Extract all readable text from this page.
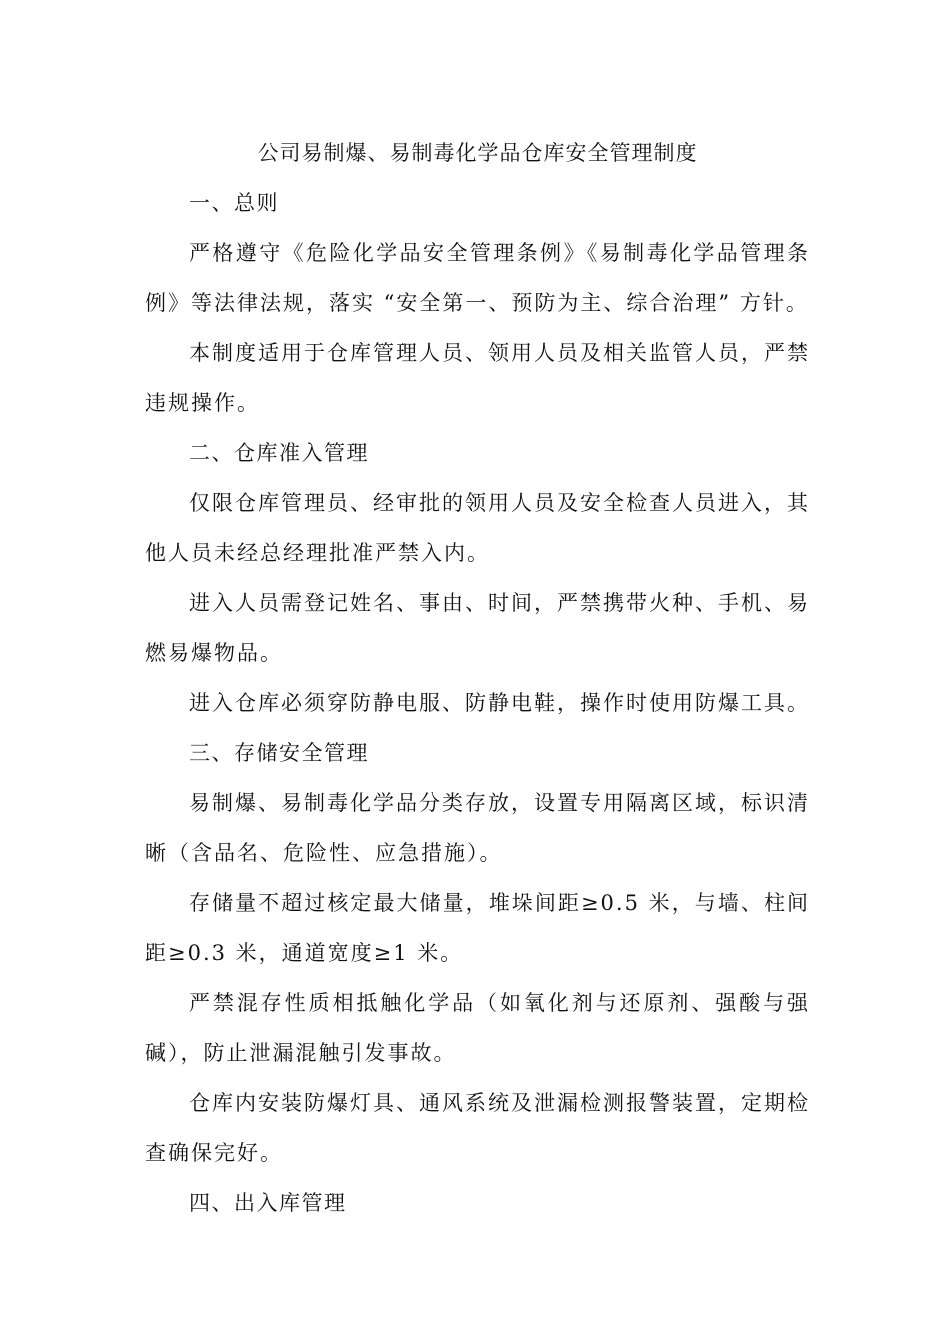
公司易制爆、易制毒化学品仓库安全管理制度
一、总则

严格遵守《危险化学品安全管理条例》《易制毒化学品管理条例》等法律法规，落实 “安全第一、预防为主、综合治理” 方针。

本制度适用于仓库管理人员、领用人员及相关监管人员，严禁违规操作。

二、仓库准入管理

仅限仓库管理员、经审批的领用人员及安全检查人员进入，其他人员未经总经理批准严禁入内。

进入人员需登记姓名、事由、时间，严禁携带火种、手机、易燃易爆物品。

进入仓库必须穿防静电服、防静电鞋，操作时使用防爆工具。

三、存储安全管理

易制爆、易制毒化学品分类存放，设置专用隔离区域，标识清晰（含品名、危险性、应急措施）。

存储量不超过核定最大储量，堆垛间距≥0.5 米，与墙、柱间距≥0.3 米，通道宽度≥1 米。

严禁混存性质相抵触化学品（如氧化剂与还原剂、强酸与强碱），防止泄漏混触引发事故。

仓库内安装防爆灯具、通风系统及泄漏检测报警装置，定期检查确保完好。

四、出入库管理
